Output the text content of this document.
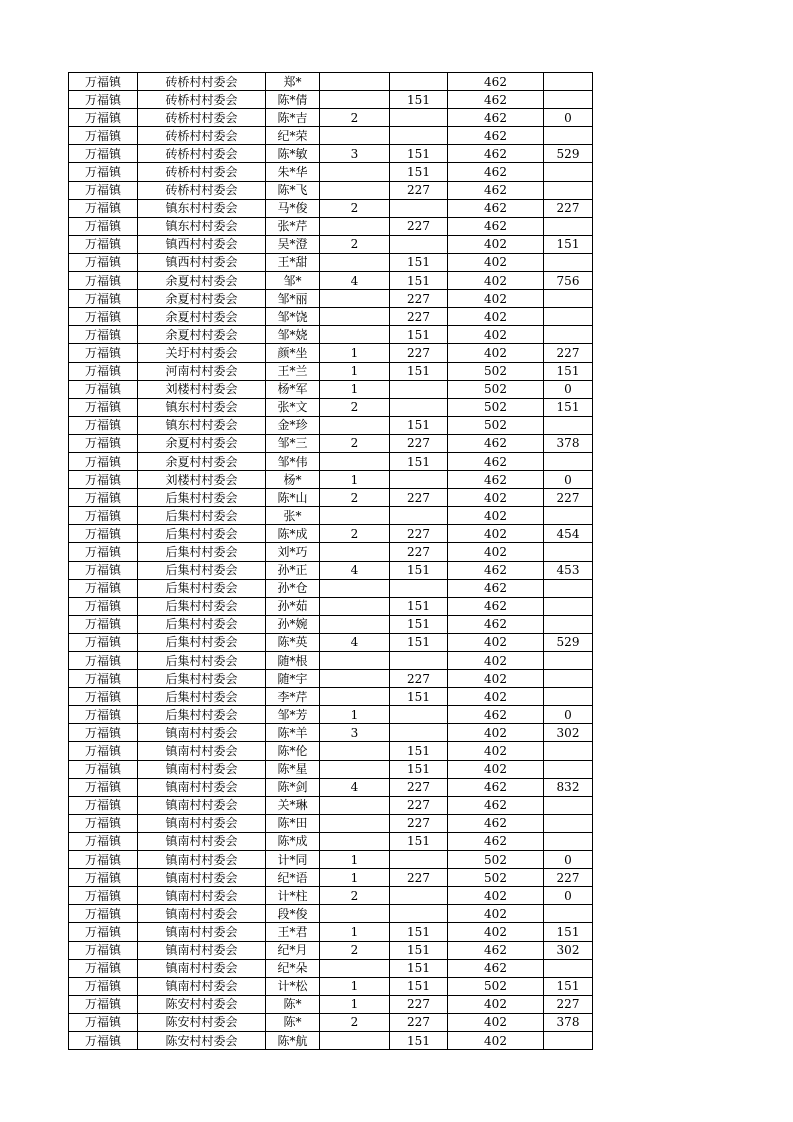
万福镇	砖桥村村委会	郑*			462	
万福镇	砖桥村村委会	陈*倩		151	462	
万福镇	砖桥村村委会	陈*吉	2		462	0
万福镇	砖桥村村委会	纪*荣			462	
万福镇	砖桥村村委会	陈*敏	3	151	462	529
万福镇	砖桥村村委会	朱*华		151	462	
万福镇	砖桥村村委会	陈*飞		227	462	
万福镇	镇东村村委会	马*俊	2		462	227
万福镇	镇东村村委会	张*芹		227	462	
万福镇	镇西村村委会	吴*澄	2		402	151
万福镇	镇西村村委会	王*甜		151	402	
万福镇	余夏村村委会	邹*	4	151	402	756
万福镇	余夏村村委会	邹*丽		227	402	
万福镇	余夏村村委会	邹*饶		227	402	
万福镇	余夏村村委会	邹*娆		151	402	
万福镇	关圩村村委会	颜*坐	1	227	402	227
万福镇	河南村村委会	王*兰	1	151	502	151
万福镇	刘楼村村委会	杨*军	1		502	0
万福镇	镇东村村委会	张*文	2		502	151
万福镇	镇东村村委会	金*珍		151	502	
万福镇	余夏村村委会	邹*三	2	227	462	378
万福镇	余夏村村委会	邹*伟		151	462	
万福镇	刘楼村村委会	杨*	1		462	0
万福镇	后集村村委会	陈*山	2	227	402	227
万福镇	后集村村委会	张*			402	
万福镇	后集村村委会	陈*成	2	227	402	454
万福镇	后集村村委会	刘*巧		227	402	
万福镇	后集村村委会	孙*正	4	151	462	453
万福镇	后集村村委会	孙*仓			462	
万福镇	后集村村委会	孙*茹		151	462	
万福镇	后集村村委会	孙*婉		151	462	
万福镇	后集村村委会	陈*英	4	151	402	529
万福镇	后集村村委会	随*根			402	
万福镇	后集村村委会	随*宇		227	402	
万福镇	后集村村委会	李*芹		151	402	
万福镇	后集村村委会	邹*芳	1		462	0
万福镇	镇南村村委会	陈*羊	3		402	302
万福镇	镇南村村委会	陈*伦		151	402	
万福镇	镇南村村委会	陈*星		151	402	
万福镇	镇南村村委会	陈*剑	4	227	462	832
万福镇	镇南村村委会	关*琳		227	462	
万福镇	镇南村村委会	陈*田		227	462	
万福镇	镇南村村委会	陈*成		151	462	
万福镇	镇南村村委会	计*同	1		502	0
万福镇	镇南村村委会	纪*语	1	227	502	227
万福镇	镇南村村委会	计*柱	2		402	0
万福镇	镇南村村委会	段*俊			402	
万福镇	镇南村村委会	王*君	1	151	402	151
万福镇	镇南村村委会	纪*月	2	151	462	302
万福镇	镇南村村委会	纪*朵		151	462	
万福镇	镇南村村委会	计*松	1	151	502	151
万福镇	陈安村村委会	陈*	1	227	402	227
万福镇	陈安村村委会	陈*	2	227	402	378
万福镇	陈安村村委会	陈*航		151	402	
